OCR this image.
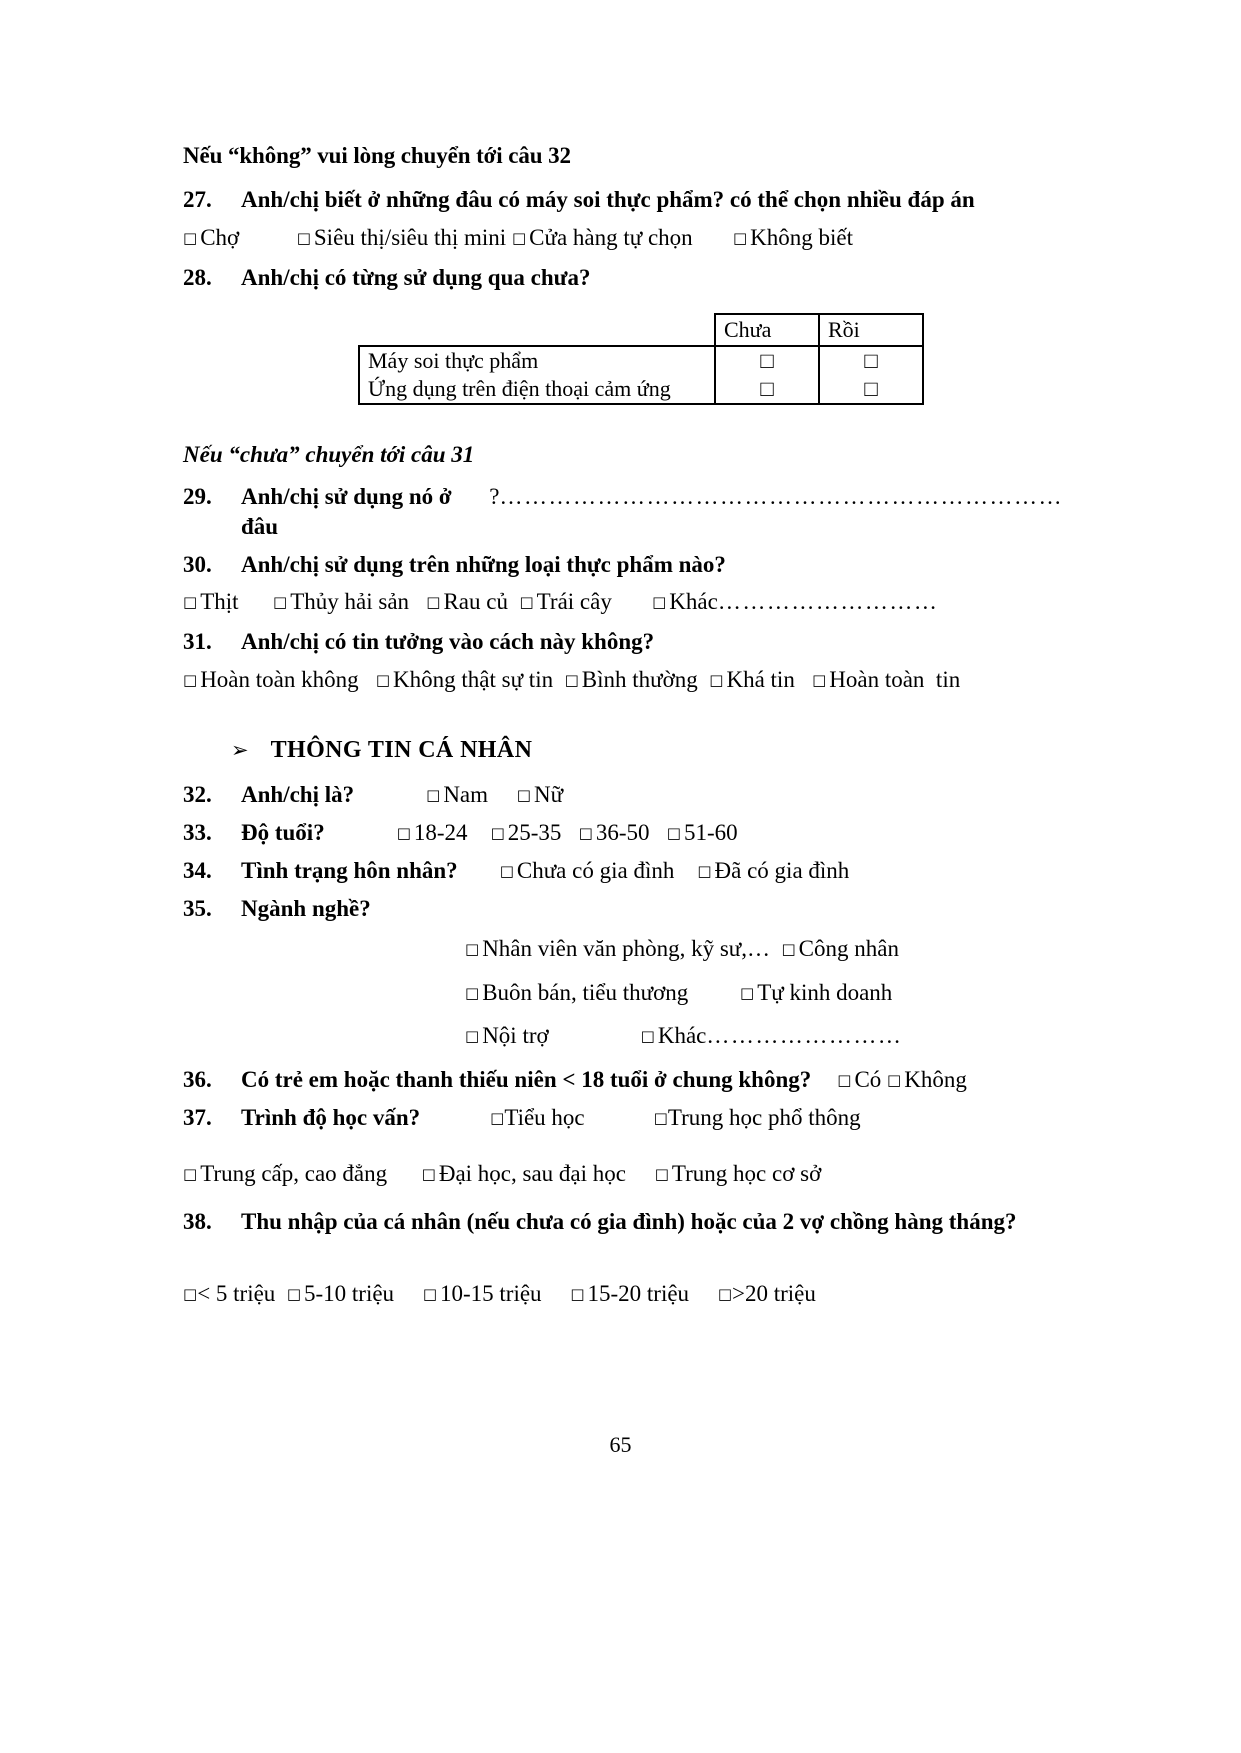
Nếu “không” vui lòng chuyển tới câu 32

27.	Anh/chị biết ở những đâu có máy soi thực phẩm? có thể chọn nhiều đáp án
□ Chợ	□ Siêu thị/siêu thị mini □ Cửa hàng tự chọn	□ Không biết
28.	Anh/chị có từng sử dụng qua chưa?
	Chưa	Rồi
Máy soi thực phẩm	□	□
Ứng dụng trên điện thoại cảm ứng	□	□

Nếu “chưa” chuyển tới câu 31

29.	Anh/chị sử dụng nó ở đâu
? ……………………………………………………………
30.	Anh/chị sử dụng trên những loại thực phẩm nào?
□ Thịt □ Thủy hải sản □ Rau củ □ Trái cây	□ Khác………………………
31.	Anh/chị có tin tưởng vào cách này không?
□ Hoàn toàn không □ Không thật sự tin □ Bình thường □ Khá tin □ Hoàn toàn  tin
➢ THÔNG TIN CÁ NHÂN
32.	Anh/chị là?	□ Nam □ Nữ
33.	Độ tuổi?	□ 18-24 □ 25-35 □ 36-50 □ 51-60
34.	Tình trạng hôn nhân?	□ Chưa có gia đình □ Đã có gia đình
35.	Ngành nghề?
□ Nhân viên văn phòng, kỹ sư,… □ Công nhân
□ Buôn bán, tiểu thương	□ Tự kinh doanh
□ Nội trợ	□ Khác……………………
36.	Có trẻ em hoặc thanh thiếu niên < 18 tuổi ở chung không? □ Có □ Không
37.	Trình độ học vấn?	□Tiểu học	□Trung học phổ thông
□ Trung cấp, cao đẳng □ Đại học, sau đại học □ Trung học cơ sở
38.	Thu nhập của cá nhân (nếu chưa có gia đình) hoặc của 2 vợ chồng hàng tháng?
□< 5 triệu □ 5-10 triệu □ 10-15 triệu □ 15-20 triệu □>20 triệu
65
